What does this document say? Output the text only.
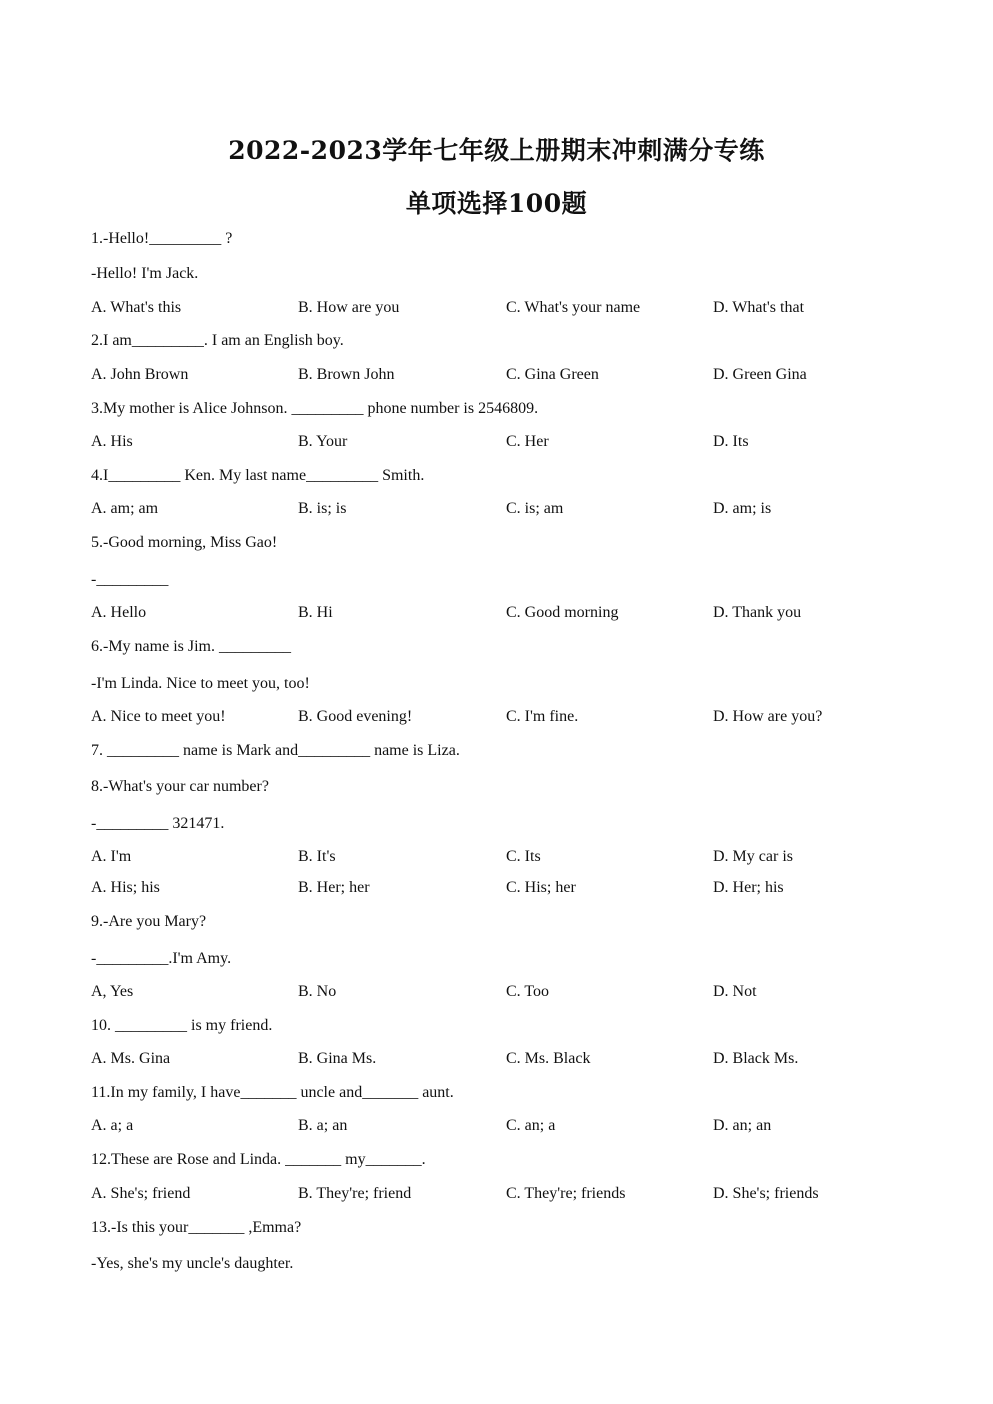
2022-2023学年七年级上册期末冲刺满分专练
单项选择100题
1.-Hello!_________ ?
-Hello! I'm Jack.
A. What's this	B. How are you	C. What's your name	D. What's that
2.I am_________. I am an English boy.
A. John Brown	B. Brown John	C. Gina Green	D. Green Gina
3.My mother is Alice Johnson. _________ phone number is 2546809.
A. His	B. Your	C. Her	D. Its
4.I_________ Ken. My last name_________ Smith.
A. am; am	B. is; is	C. is; am	D. am; is
5.-Good morning, Miss Gao!
-_________
A. Hello	B. Hi	C. Good morning	D. Thank you
6.-My name is Jim. _________
-I'm Linda. Nice to meet you, too!
A. Nice to meet you!	B. Good evening!	C. I'm fine.	D. How are you?
7. _________ name is Mark and_________ name is Liza.
8.-What's your car number?
-_________ 321471.
A. I'm	B. It's	C. Its	D. My car is
A. His; his	B. Her; her	C. His; her	D. Her; his
9.-Are you Mary?
-_________.I'm Amy.
A, Yes	B. No	C. Too	D. Not
10. _________ is my friend.
A. Ms. Gina	B. Gina Ms.	C. Ms. Black	D. Black Ms.
11.In my family, I have_______ uncle and_______ aunt.
A. a; a	B. a; an	C. an; a	D. an; an
12.These are Rose and Linda. _______ my_______.
A. She's; friend	B. They're; friend	C. They're; friends	D. She's; friends
13.-Is this your_______ ,Emma?
-Yes, she's my uncle's daughter.
